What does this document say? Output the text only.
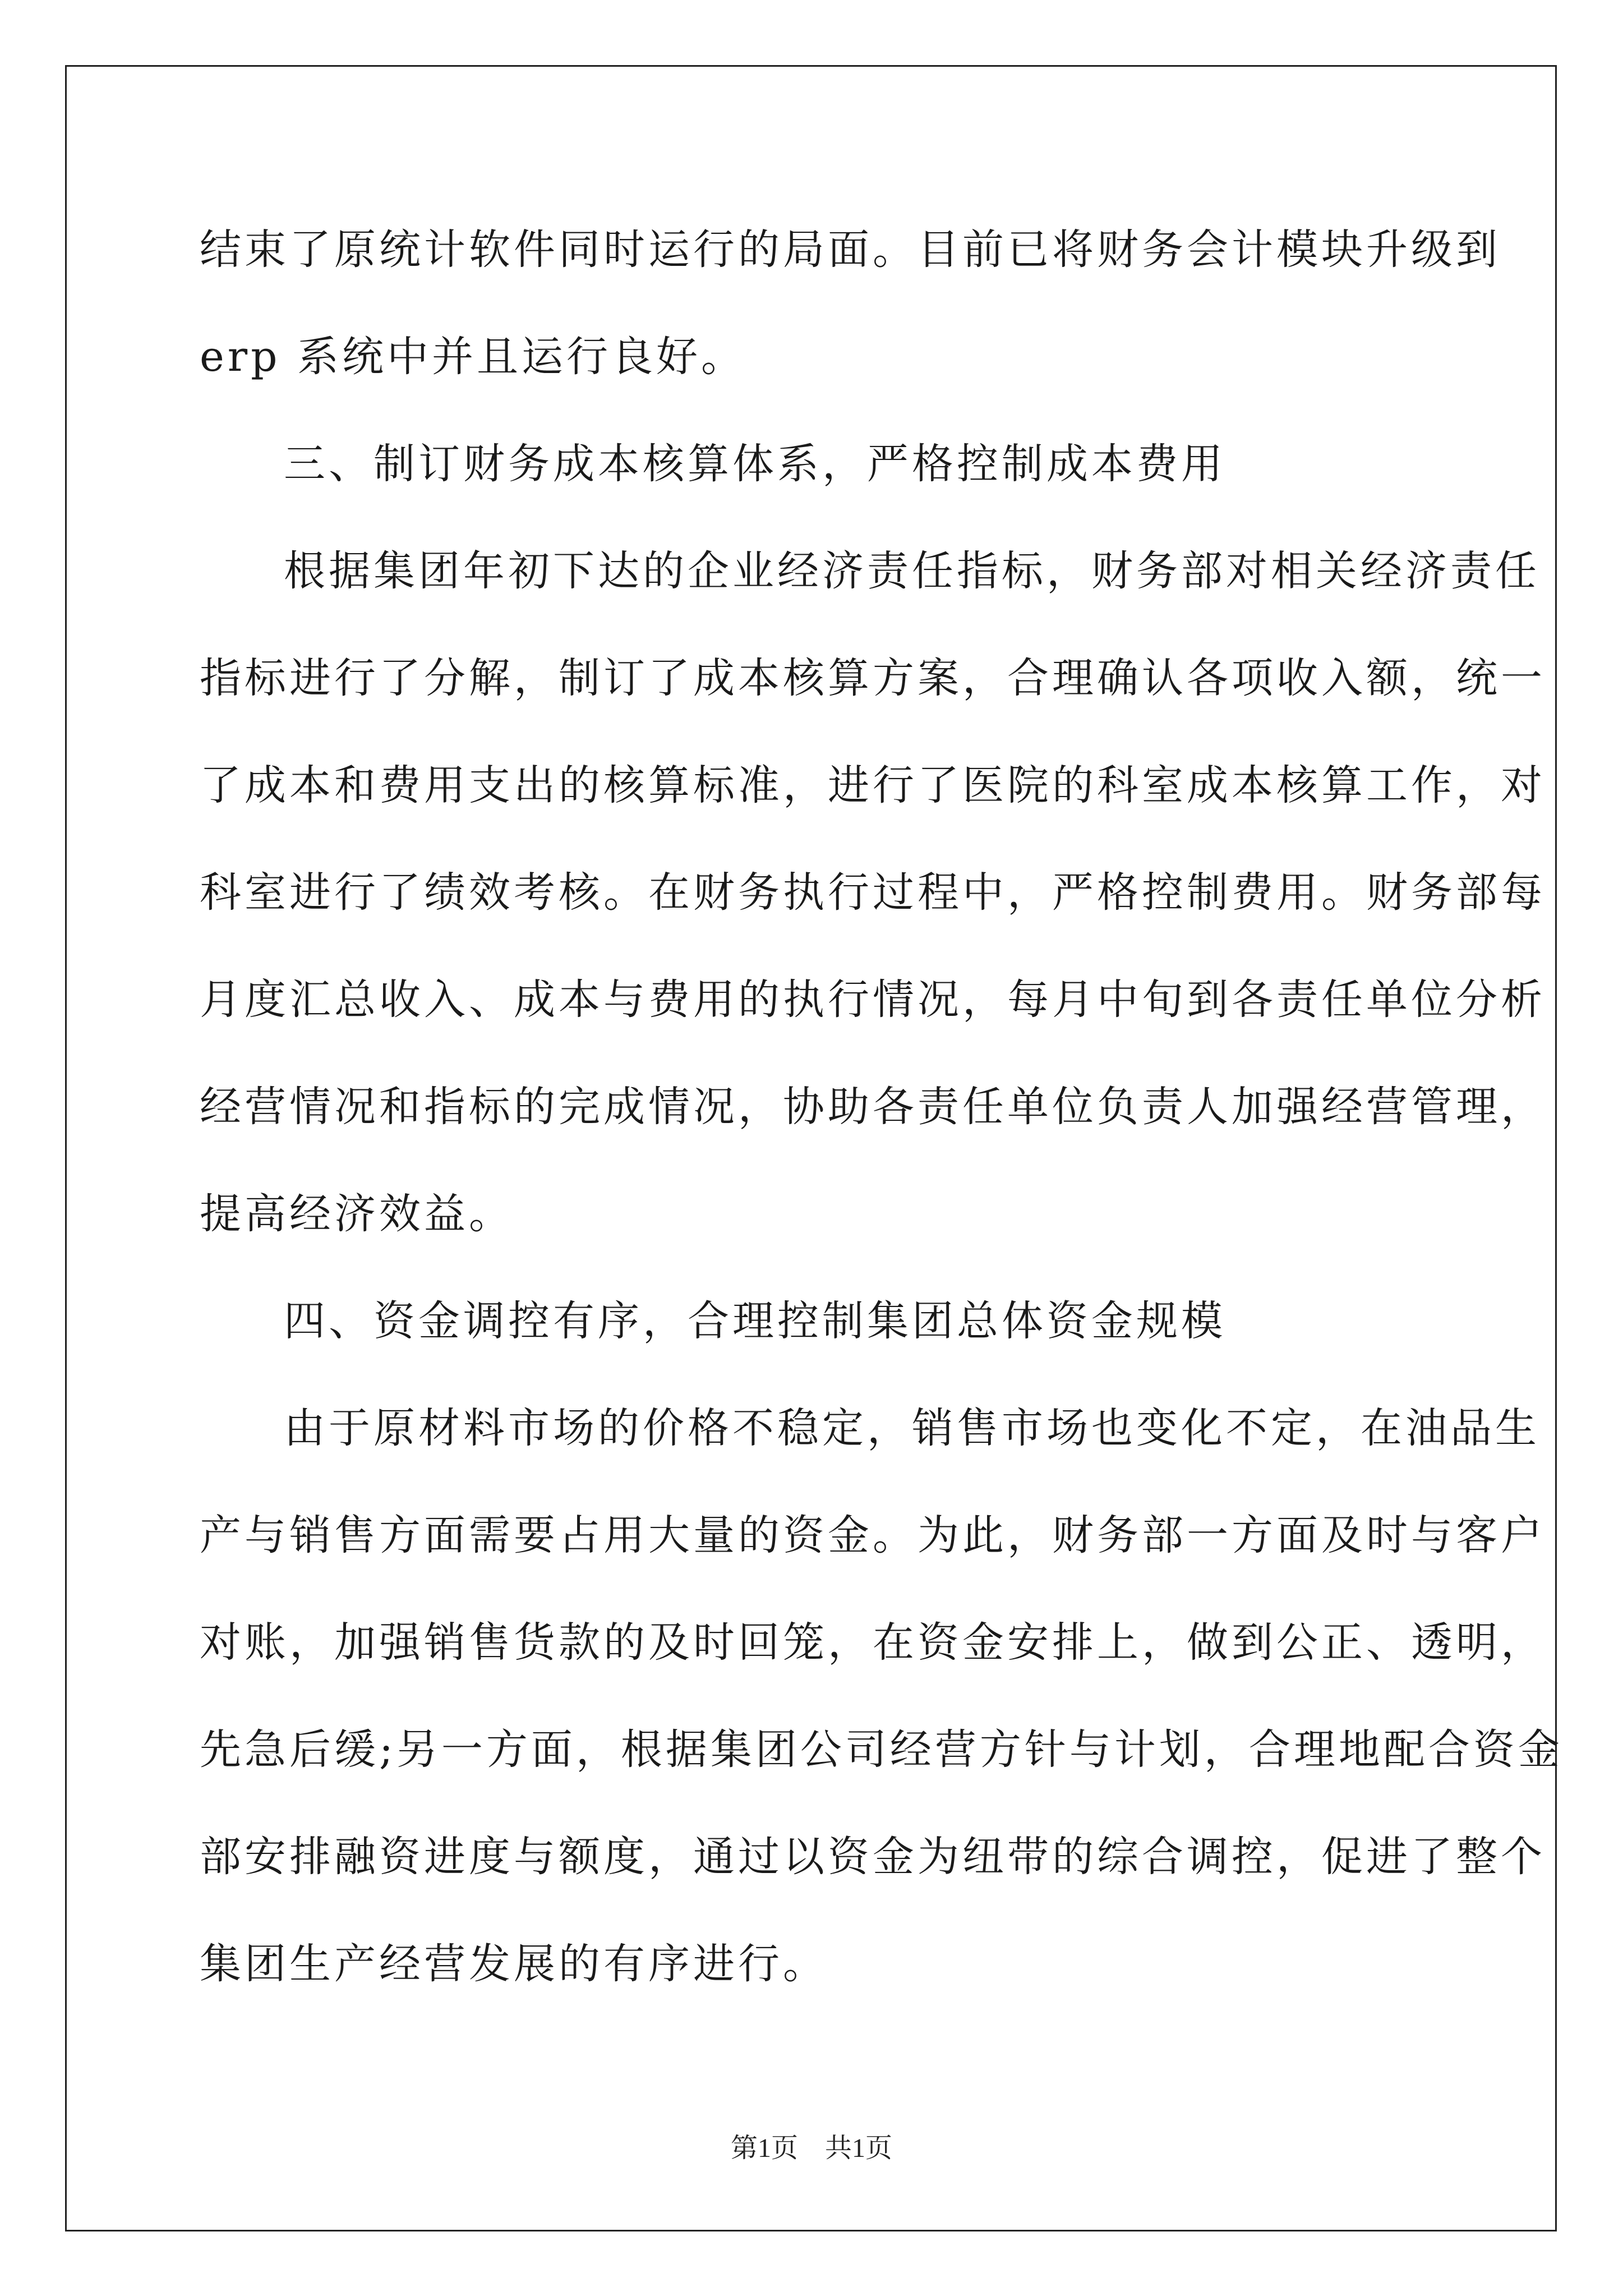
结束了原统计软件同时运行的局面。目前已将财务会计模块升级到
erp 系统中并且运行良好。
三、制订财务成本核算体系，严格控制成本费用
根据集团年初下达的企业经济责任指标，财务部对相关经济责任
指标进行了分解，制订了成本核算方案，合理确认各项收入额，统一
了成本和费用支出的核算标准，进行了医院的科室成本核算工作，对
科室进行了绩效考核。在财务执行过程中，严格控制费用。财务部每
月度汇总收入、成本与费用的执行情况，每月中旬到各责任单位分析
经营情况和指标的完成情况，协助各责任单位负责人加强经营管理，
提高经济效益。
四、资金调控有序，合理控制集团总体资金规模
由于原材料市场的价格不稳定，销售市场也变化不定，在油品生
产与销售方面需要占用大量的资金。为此，财务部一方面及时与客户
对账，加强销售货款的及时回笼，在资金安排上，做到公正、透明，
先急后缓;另一方面，根据集团公司经营方针与计划，合理地配合资金
部安排融资进度与额度，通过以资金为纽带的综合调控，促进了整个
集团生产经营发展的有序进行。
第1页　共1页
